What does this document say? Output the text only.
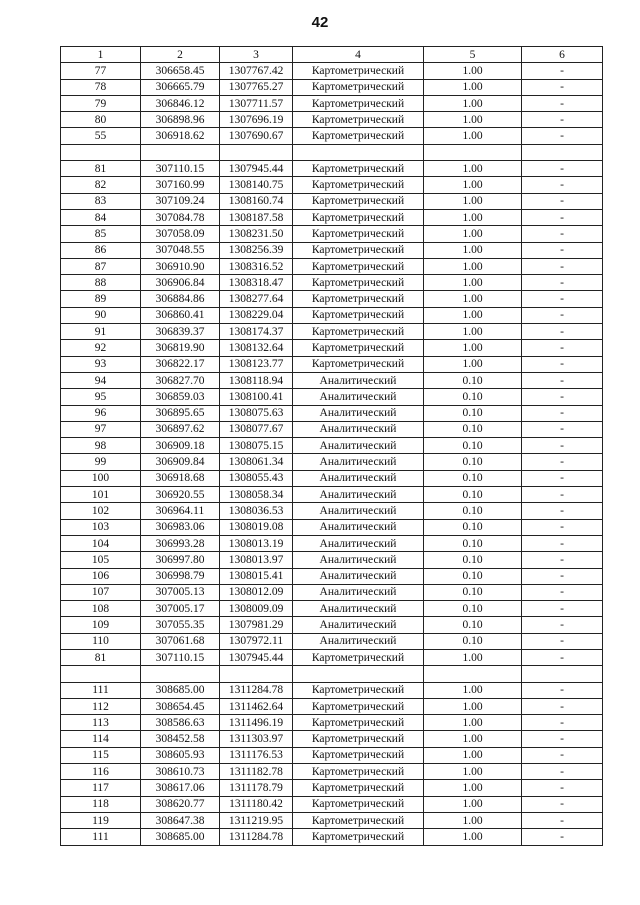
42
1	2	3	4	5	6
77	306658.45	1307767.42	Картометрический	1.00	-
78	306665.79	1307765.27	Картометрический	1.00	-
79	306846.12	1307711.57	Картометрический	1.00	-
80	306898.96	1307696.19	Картометрический	1.00	-
55	306918.62	1307690.67	Картометрический	1.00	-

81	307110.15	1307945.44	Картометрический	1.00	-
82	307160.99	1308140.75	Картометрический	1.00	-
83	307109.24	1308160.74	Картометрический	1.00	-
84	307084.78	1308187.58	Картометрический	1.00	-
85	307058.09	1308231.50	Картометрический	1.00	-
86	307048.55	1308256.39	Картометрический	1.00	-
87	306910.90	1308316.52	Картометрический	1.00	-
88	306906.84	1308318.47	Картометрический	1.00	-
89	306884.86	1308277.64	Картометрический	1.00	-
90	306860.41	1308229.04	Картометрический	1.00	-
91	306839.37	1308174.37	Картометрический	1.00	-
92	306819.90	1308132.64	Картометрический	1.00	-
93	306822.17	1308123.77	Картометрический	1.00	-
94	306827.70	1308118.94	Аналитический	0.10	-
95	306859.03	1308100.41	Аналитический	0.10	-
96	306895.65	1308075.63	Аналитический	0.10	-
97	306897.62	1308077.67	Аналитический	0.10	-
98	306909.18	1308075.15	Аналитический	0.10	-
99	306909.84	1308061.34	Аналитический	0.10	-
100	306918.68	1308055.43	Аналитический	0.10	-
101	306920.55	1308058.34	Аналитический	0.10	-
102	306964.11	1308036.53	Аналитический	0.10	-
103	306983.06	1308019.08	Аналитический	0.10	-
104	306993.28	1308013.19	Аналитический	0.10	-
105	306997.80	1308013.97	Аналитический	0.10	-
106	306998.79	1308015.41	Аналитический	0.10	-
107	307005.13	1308012.09	Аналитический	0.10	-
108	307005.17	1308009.09	Аналитический	0.10	-
109	307055.35	1307981.29	Аналитический	0.10	-
110	307061.68	1307972.11	Аналитический	0.10	-
81	307110.15	1307945.44	Картометрический	1.00	-

111	308685.00	1311284.78	Картометрический	1.00	-
112	308654.45	1311462.64	Картометрический	1.00	-
113	308586.63	1311496.19	Картометрический	1.00	-
114	308452.58	1311303.97	Картометрический	1.00	-
115	308605.93	1311176.53	Картометрический	1.00	-
116	308610.73	1311182.78	Картометрический	1.00	-
117	308617.06	1311178.79	Картометрический	1.00	-
118	308620.77	1311180.42	Картометрический	1.00	-
119	308647.38	1311219.95	Картометрический	1.00	-
111	308685.00	1311284.78	Картометрический	1.00	-
